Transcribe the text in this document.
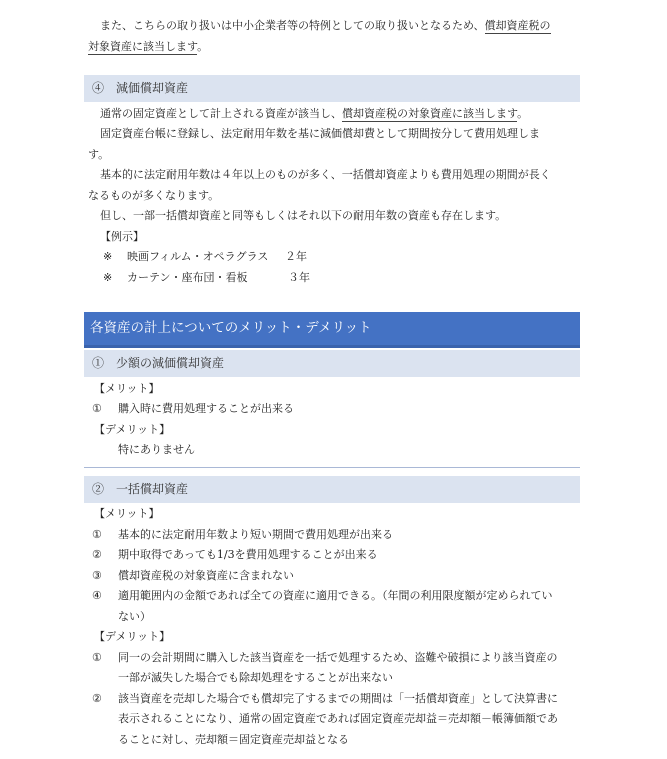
また、こちらの取り扱いは中小企業者等の特例としての取り扱いとなるため、償却資産税の
対象資産に該当します。
④　減価償却資産
通常の固定資産として計上される資産が該当し、償却資産税の対象資産に該当します。
固定資産台帳に登録し、法定耐用年数を基に減価償却費として期間按分して費用処理しま
す。
基本的に法定耐用年数は４年以上のものが多く、一括償却資産よりも費用処理の期間が長く
なるものが多くなります。
但し、一部一括償却資産と同等もしくはそれ以下の耐用年数の資産も存在します。
【例示】
※ 映画フィルム・オペラグラス ２年
※ カーテン・座布団・看板	３年
各資産の計上についてのメリット・デメリット
①　少額の減価償却資産
【メリット】
① 購入時に費用処理することが出来る
【デメリット】
特にありません
②　一括償却資産
【メリット】
① 基本的に法定耐用年数より短い期間で費用処理が出来る
② 期中取得であっても1/3を費用処理することが出来る
③ 償却資産税の対象資産に含まれない
④ 適用範囲内の金額であれば全ての資産に適用できる。（年間の利用限度額が定められてい
ない）
【デメリット】
① 同一の会計期間に購入した該当資産を一括で処理するため、盗難や破損により該当資産の
一部が滅失した場合でも除却処理をすることが出来ない
② 該当資産を売却した場合でも償却完了するまでの期間は「一括償却資産」として決算書に
表示されることになり、通常の固定資産であれば固定資産売却益＝売却額－帳簿価額であ
ることに対し、売却額＝固定資産売却益となる
